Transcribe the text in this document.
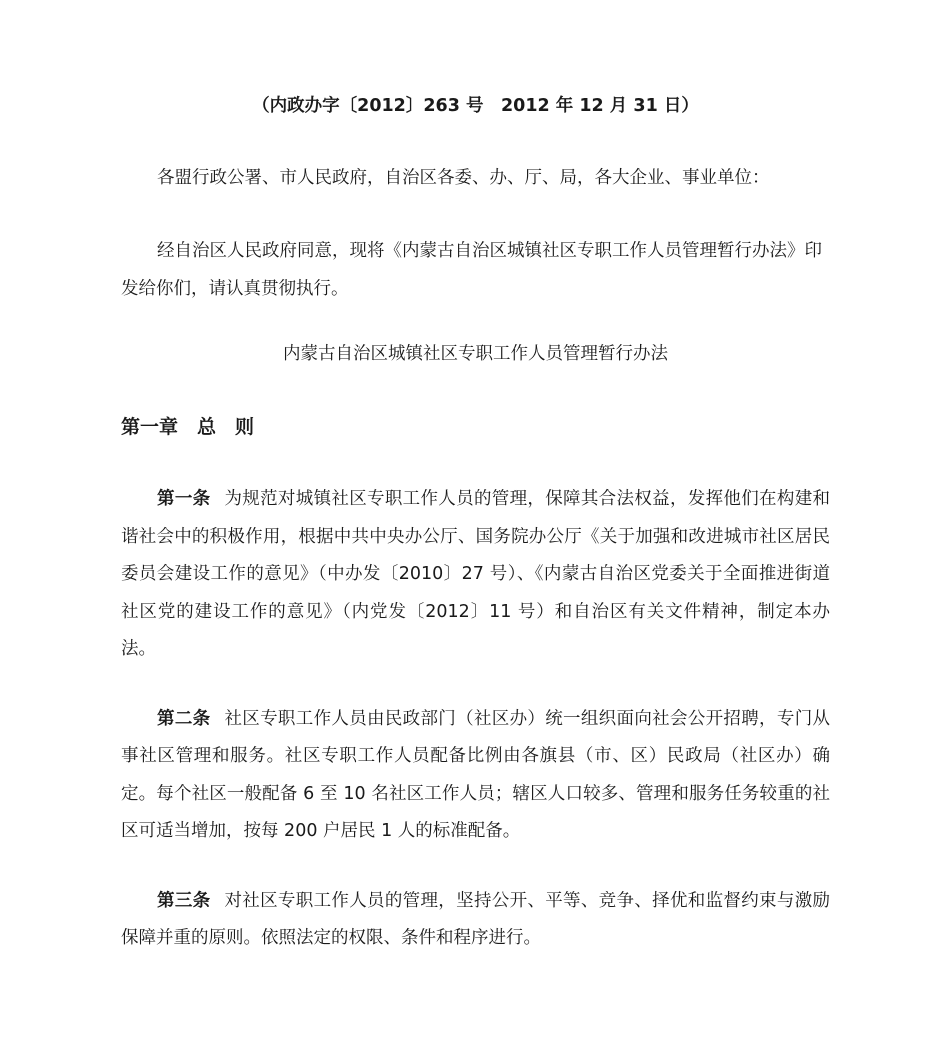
（内政办字〔2012〕263 号　2012 年 12 月 31 日）

各盟行政公署、市人民政府，自治区各委、办、厅、局，各大企业、事业单位：

经自治区人民政府同意，现将《内蒙古自治区城镇社区专职工作人员管理暂行办法》印发给你们，请认真贯彻执行。

内蒙古自治区城镇社区专职工作人员管理暂行办法

第一章　总　则

第一条 为规范对城镇社区专职工作人员的管理，保障其合法权益，发挥他们在构建和谐社会中的积极作用，根据中共中央办公厅、国务院办公厅《关于加强和改进城市社区居民委员会建设工作的意见》（中办发〔2010〕27 号）、《内蒙古自治区党委关于全面推进街道社区党的建设工作的意见》（内党发〔2012〕11 号）和自治区有关文件精神，制定本办法。

第二条 社区专职工作人员由民政部门（社区办）统一组织面向社会公开招聘，专门从事社区管理和服务。社区专职工作人员配备比例由各旗县（市、区）民政局（社区办）确定。每个社区一般配备 6 至 10 名社区工作人员；辖区人口较多、管理和服务任务较重的社区可适当增加，按每 200 户居民 1 人的标准配备。

第三条 对社区专职工作人员的管理，坚持公开、平等、竞争、择优和监督约束与激励保障并重的原则。依照法定的权限、条件和程序进行。
